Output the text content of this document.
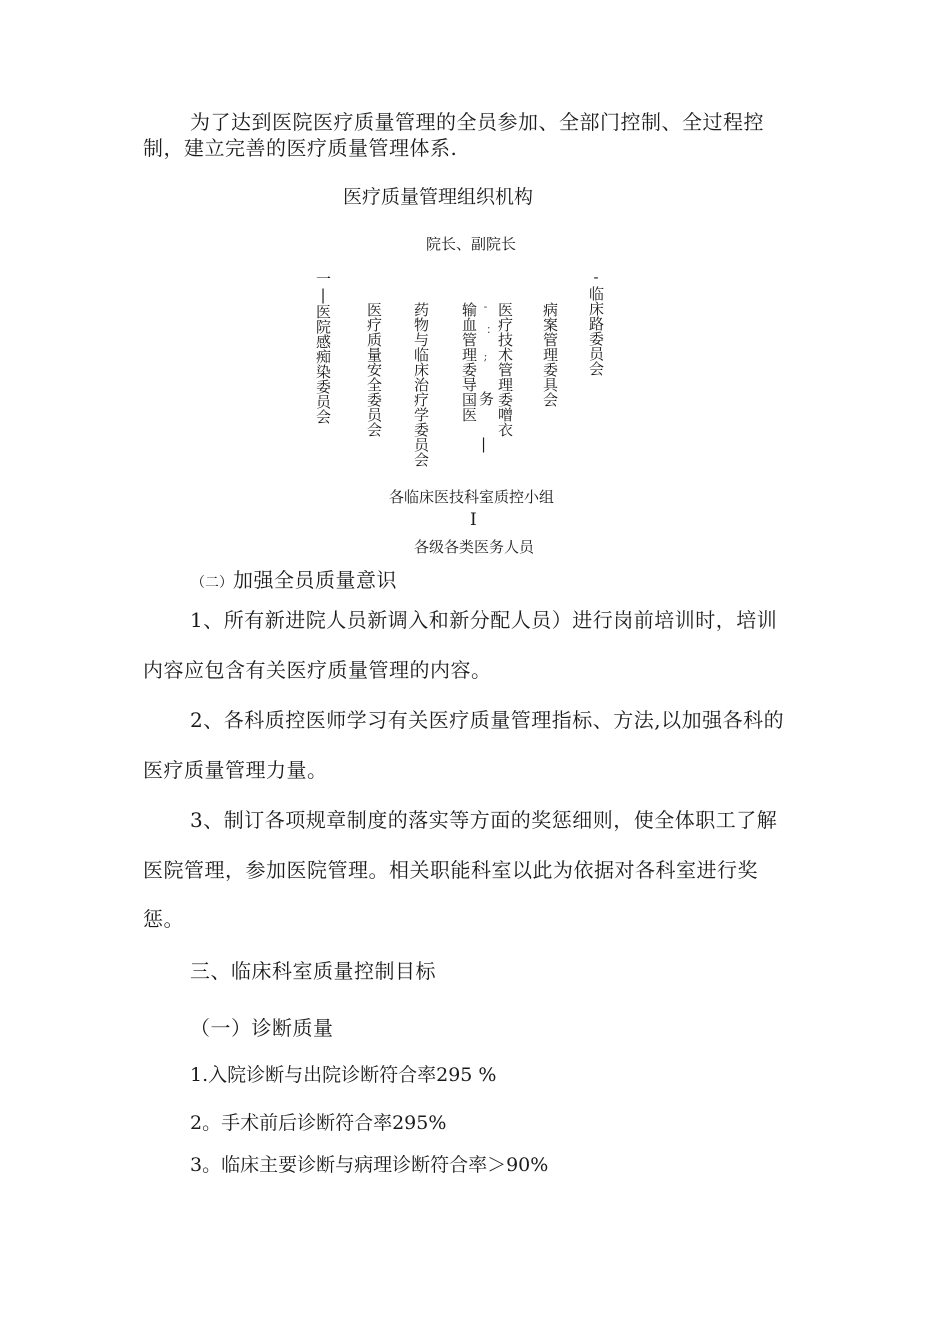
为了达到医院医疗质量管理的全员参加、全部门控制、全过程控
制，建立完善的医疗质量管理体系.
医疗质量管理组织机构
院长、副院长
一|医院感痴染委员会 医疗质量安全委员会 药物与临床治疗学委员会 输血管理委导国医 医疗技术管理委噌衣 病案管理委具会 -临床路委员会
- ： ;
务
|
各临床医技科室质控小组
I
各级各类医务人员
（二）加强全员质量意识
1、所有新进院人员新调入和新分配人员）进行岗前培训时，培训
内容应包含有关医疗质量管理的内容。
2、各科质控医师学习有关医疗质量管理指标、方法,以加强各科的
医疗质量管理力量。
3、制订各项规章制度的落实等方面的奖惩细则，使全体职工了解
医院管理，参加医院管理。相关职能科室以此为依据对各科室进行奖
惩。
三、临床科室质量控制目标
（一）诊断质量
1.入院诊断与出院诊断符合率295 %
2。手术前后诊断符合率295%
3。临床主要诊断与病理诊断符合率＞90%
